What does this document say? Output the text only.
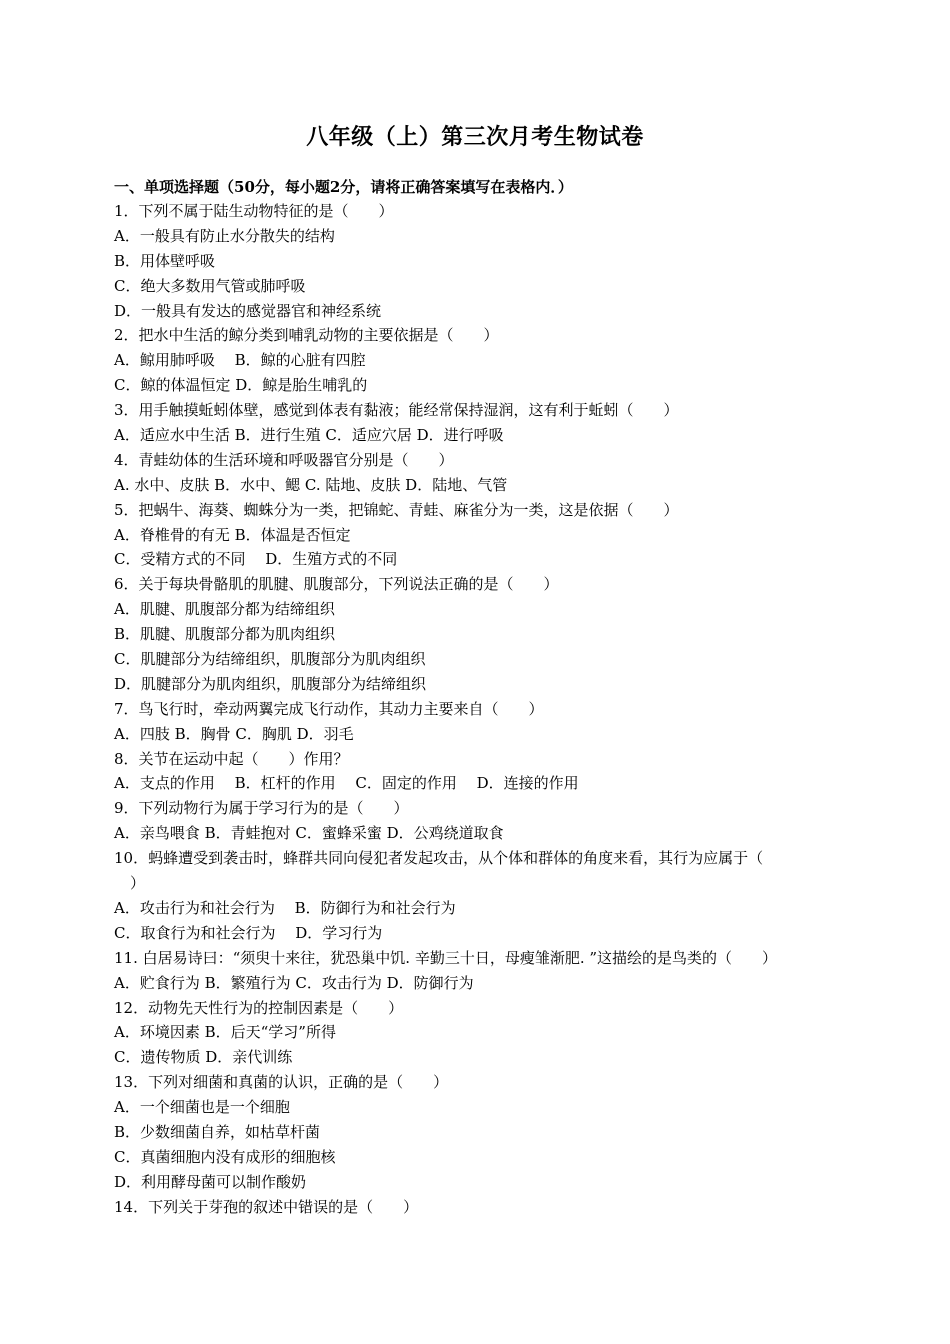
八年级（上）第三次月考生物试卷
一、单项选择题（50分，每小题2分，请将正确答案填写在表格内．）
1．下列不属于陆生动物特征的是（　　）
A．一般具有防止水分散失的结构
B．用体壁呼吸
C．绝大多数用气管或肺呼吸
D．一般具有发达的感觉器官和神经系统
2．把水中生活的鲸分类到哺乳动物的主要依据是（　　）
A．鲸用肺呼吸　 B．鲸的心脏有四腔
C．鲸的体温恒定 D．鲸是胎生哺乳的
3．用手触摸蚯蚓体壁，感觉到体表有黏液；能经常保持湿润，这有利于蚯蚓（　　）
A．适应水中生活 B．进行生殖 C．适应穴居 D．进行呼吸
4．青蛙幼体的生活环境和呼吸器官分别是（　　）
A. 水中、皮肤 B．水中、鳃 C. 陆地、皮肤 D．陆地、气管
5．把蜗牛、海葵、蜘蛛分为一类，把锦蛇、青蛙、麻雀分为一类，这是依据（　　）
A．脊椎骨的有无 B．体温是否恒定
C．受精方式的不同　 D．生殖方式的不同
6．关于每块骨骼肌的肌腱、肌腹部分，下列说法正确的是（　　）
A．肌腱、肌腹部分都为结缔组织
B．肌腱、肌腹部分都为肌肉组织
C．肌腱部分为结缔组织，肌腹部分为肌肉组织
D．肌腱部分为肌肉组织，肌腹部分为结缔组织
7．鸟飞行时，牵动两翼完成飞行动作，其动力主要来自（　　）
A．四肢 B．胸骨 C．胸肌 D．羽毛
8．关节在运动中起（　　）作用？
A．支点的作用　 B．杠杆的作用　 C．固定的作用　 D．连接的作用
9．下列动物行为属于学习行为的是（　　）
A．亲鸟喂食 B．青蛙抱对 C．蜜蜂采蜜 D．公鸡绕道取食
10．蚂蜂遭受到袭击时，蜂群共同向侵犯者发起攻击，从个体和群体的角度来看，其行为应属于（
）
A．攻击行为和社会行为　 B．防御行为和社会行为
C．取食行为和社会行为　 D．学习行为
11. 白居易诗曰：“须臾十来往，犹恐巢中饥. 辛勤三十日，母瘦雏渐肥. ”这描绘的是鸟类的（　　）
A．贮食行为 B．繁殖行为 C．攻击行为 D．防御行为
12．动物先天性行为的控制因素是（　　）
A．环境因素 B．后天“学习”所得
C．遗传物质 D．亲代训练
13．下列对细菌和真菌的认识，正确的是（　　）
A．一个细菌也是一个细胞
B．少数细菌自养，如枯草杆菌
C．真菌细胞内没有成形的细胞核
D．利用酵母菌可以制作酸奶
14．下列关于芽孢的叙述中错误的是（　　）
